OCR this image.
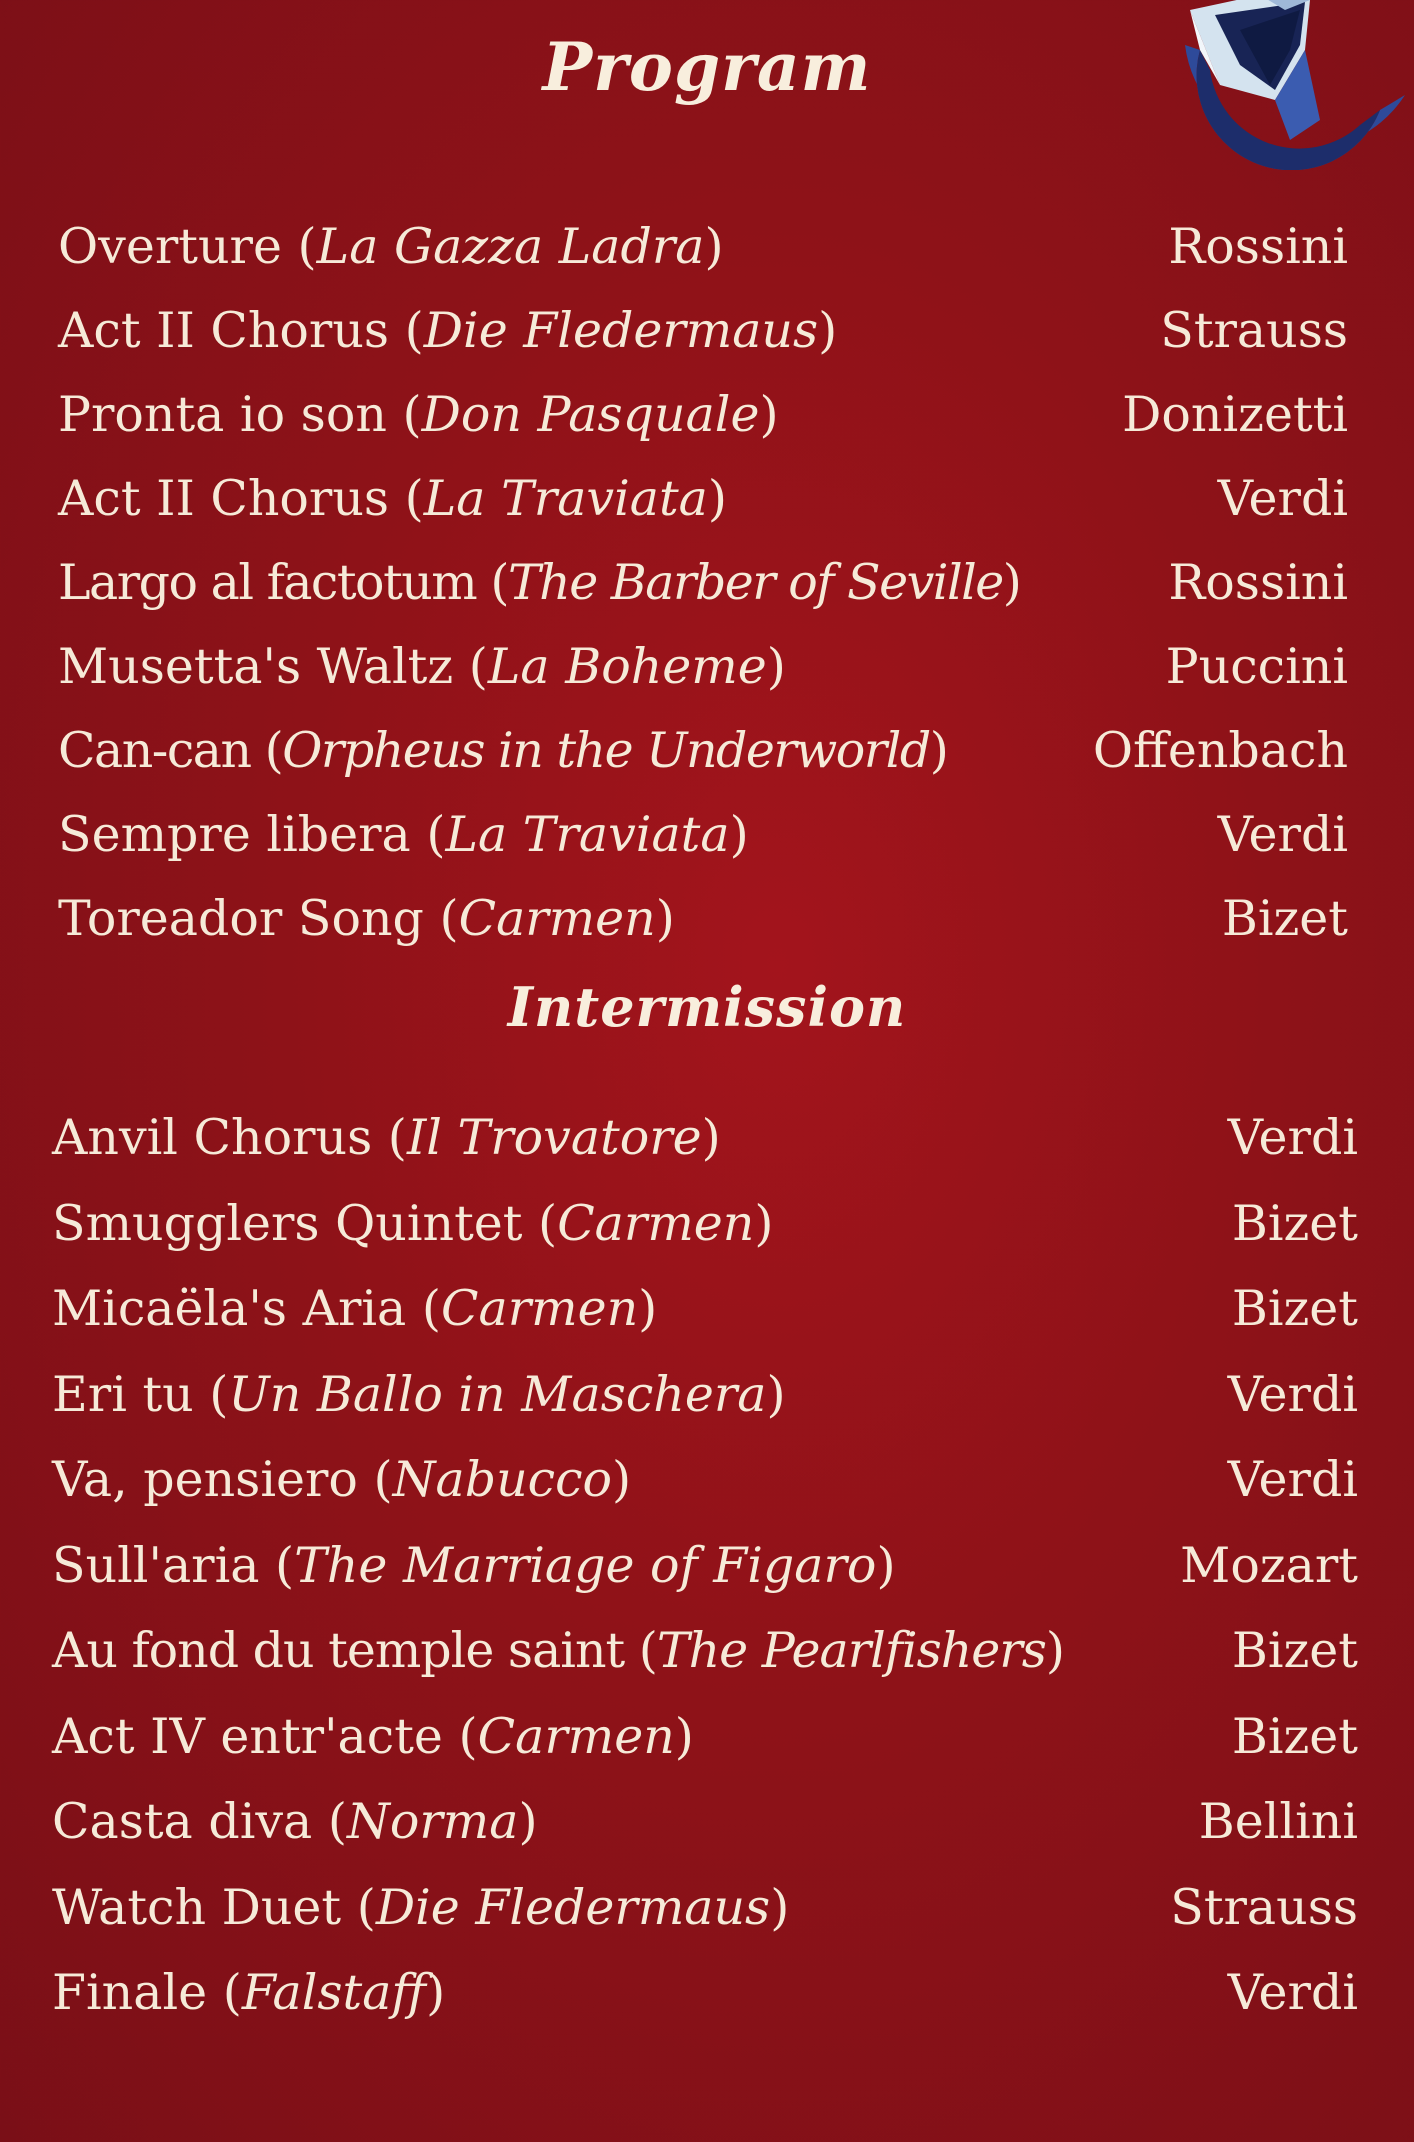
Program
Overture (La Gazza Ladra)	Rossini
Act II Chorus (Die Fledermaus)	Strauss
Pronta io son (Don Pasquale)	Donizetti
Act II Chorus (La Traviata)	Verdi
Largo al factotum (The Barber of Seville)	Rossini
Musetta's Waltz (La Boheme)	Puccini
Can-can (Orpheus in the Underworld)	Offenbach
Sempre libera (La Traviata)	Verdi
Toreador Song (Carmen)	Bizet
Intermission
Anvil Chorus (Il Trovatore)	Verdi
Smugglers Quintet (Carmen)	Bizet
Micaëla's Aria (Carmen)	Bizet
Eri tu (Un Ballo in Maschera)	Verdi
Va, pensiero (Nabucco)	Verdi
Sull'aria (The Marriage of Figaro)	Mozart
Au fond du temple saint (The Pearlfishers)	Bizet
Act IV entr'acte (Carmen)	Bizet
Casta diva (Norma)	Bellini
Watch Duet (Die Fledermaus)	Strauss
Finale (Falstaff)	Verdi
